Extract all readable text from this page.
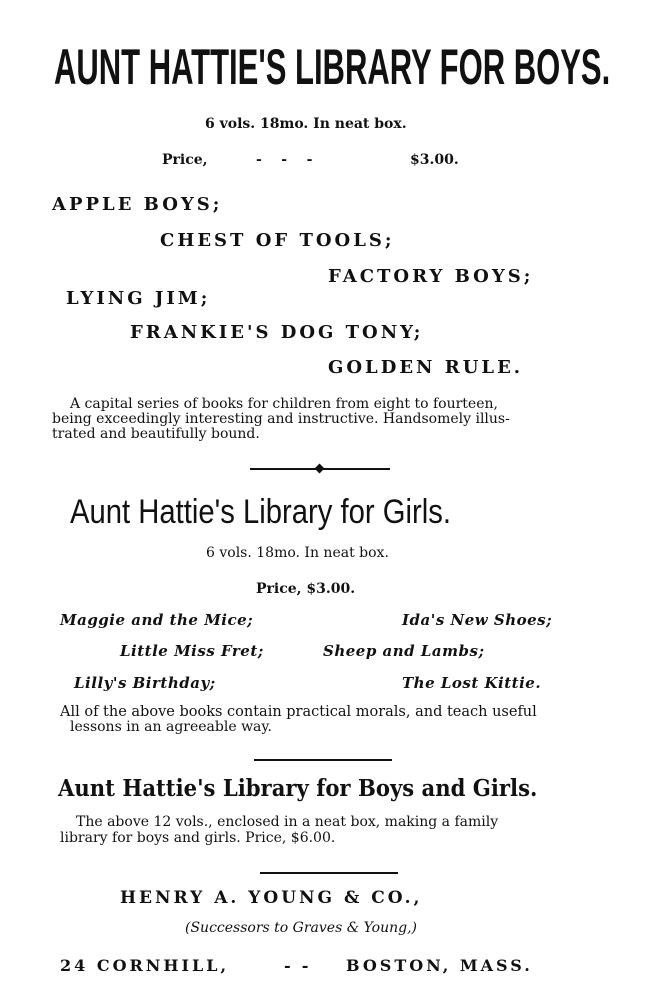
AUNT HATTIE'S LIBRARY FOR BOYS.
6 vols. 18mo. In neat box.
Price,	-    -    -	$3.00.
APPLE BOYS;
CHEST OF TOOLS;
FACTORY BOYS;
LYING JIM;
FRANKIE'S DOG TONY;
GOLDEN RULE.
A capital series of books for children from eight to fourteen,
being exceedingly interesting and instructive. Handsomely illus-
trated and beautifully bound.
Aunt Hattie's Library for Girls.
6 vols. 18mo. In neat box.
Price, $3.00.
Maggie and the Mice;	Ida's New Shoes;
Little Miss Fret;	Sheep and Lambs;
Lilly's Birthday;	The Lost Kittie.
All of the above books contain practical morals, and teach useful
lessons in an agreeable way.
Aunt Hattie's Library for Boys and Girls.
The above 12 vols., enclosed in a neat box, making a family
library for boys and girls. Price, $6.00.
HENRY A. YOUNG & CO.,
(Successors to Graves & Young,)
24 CORNHILL,	-  - BOSTON, MASS.
